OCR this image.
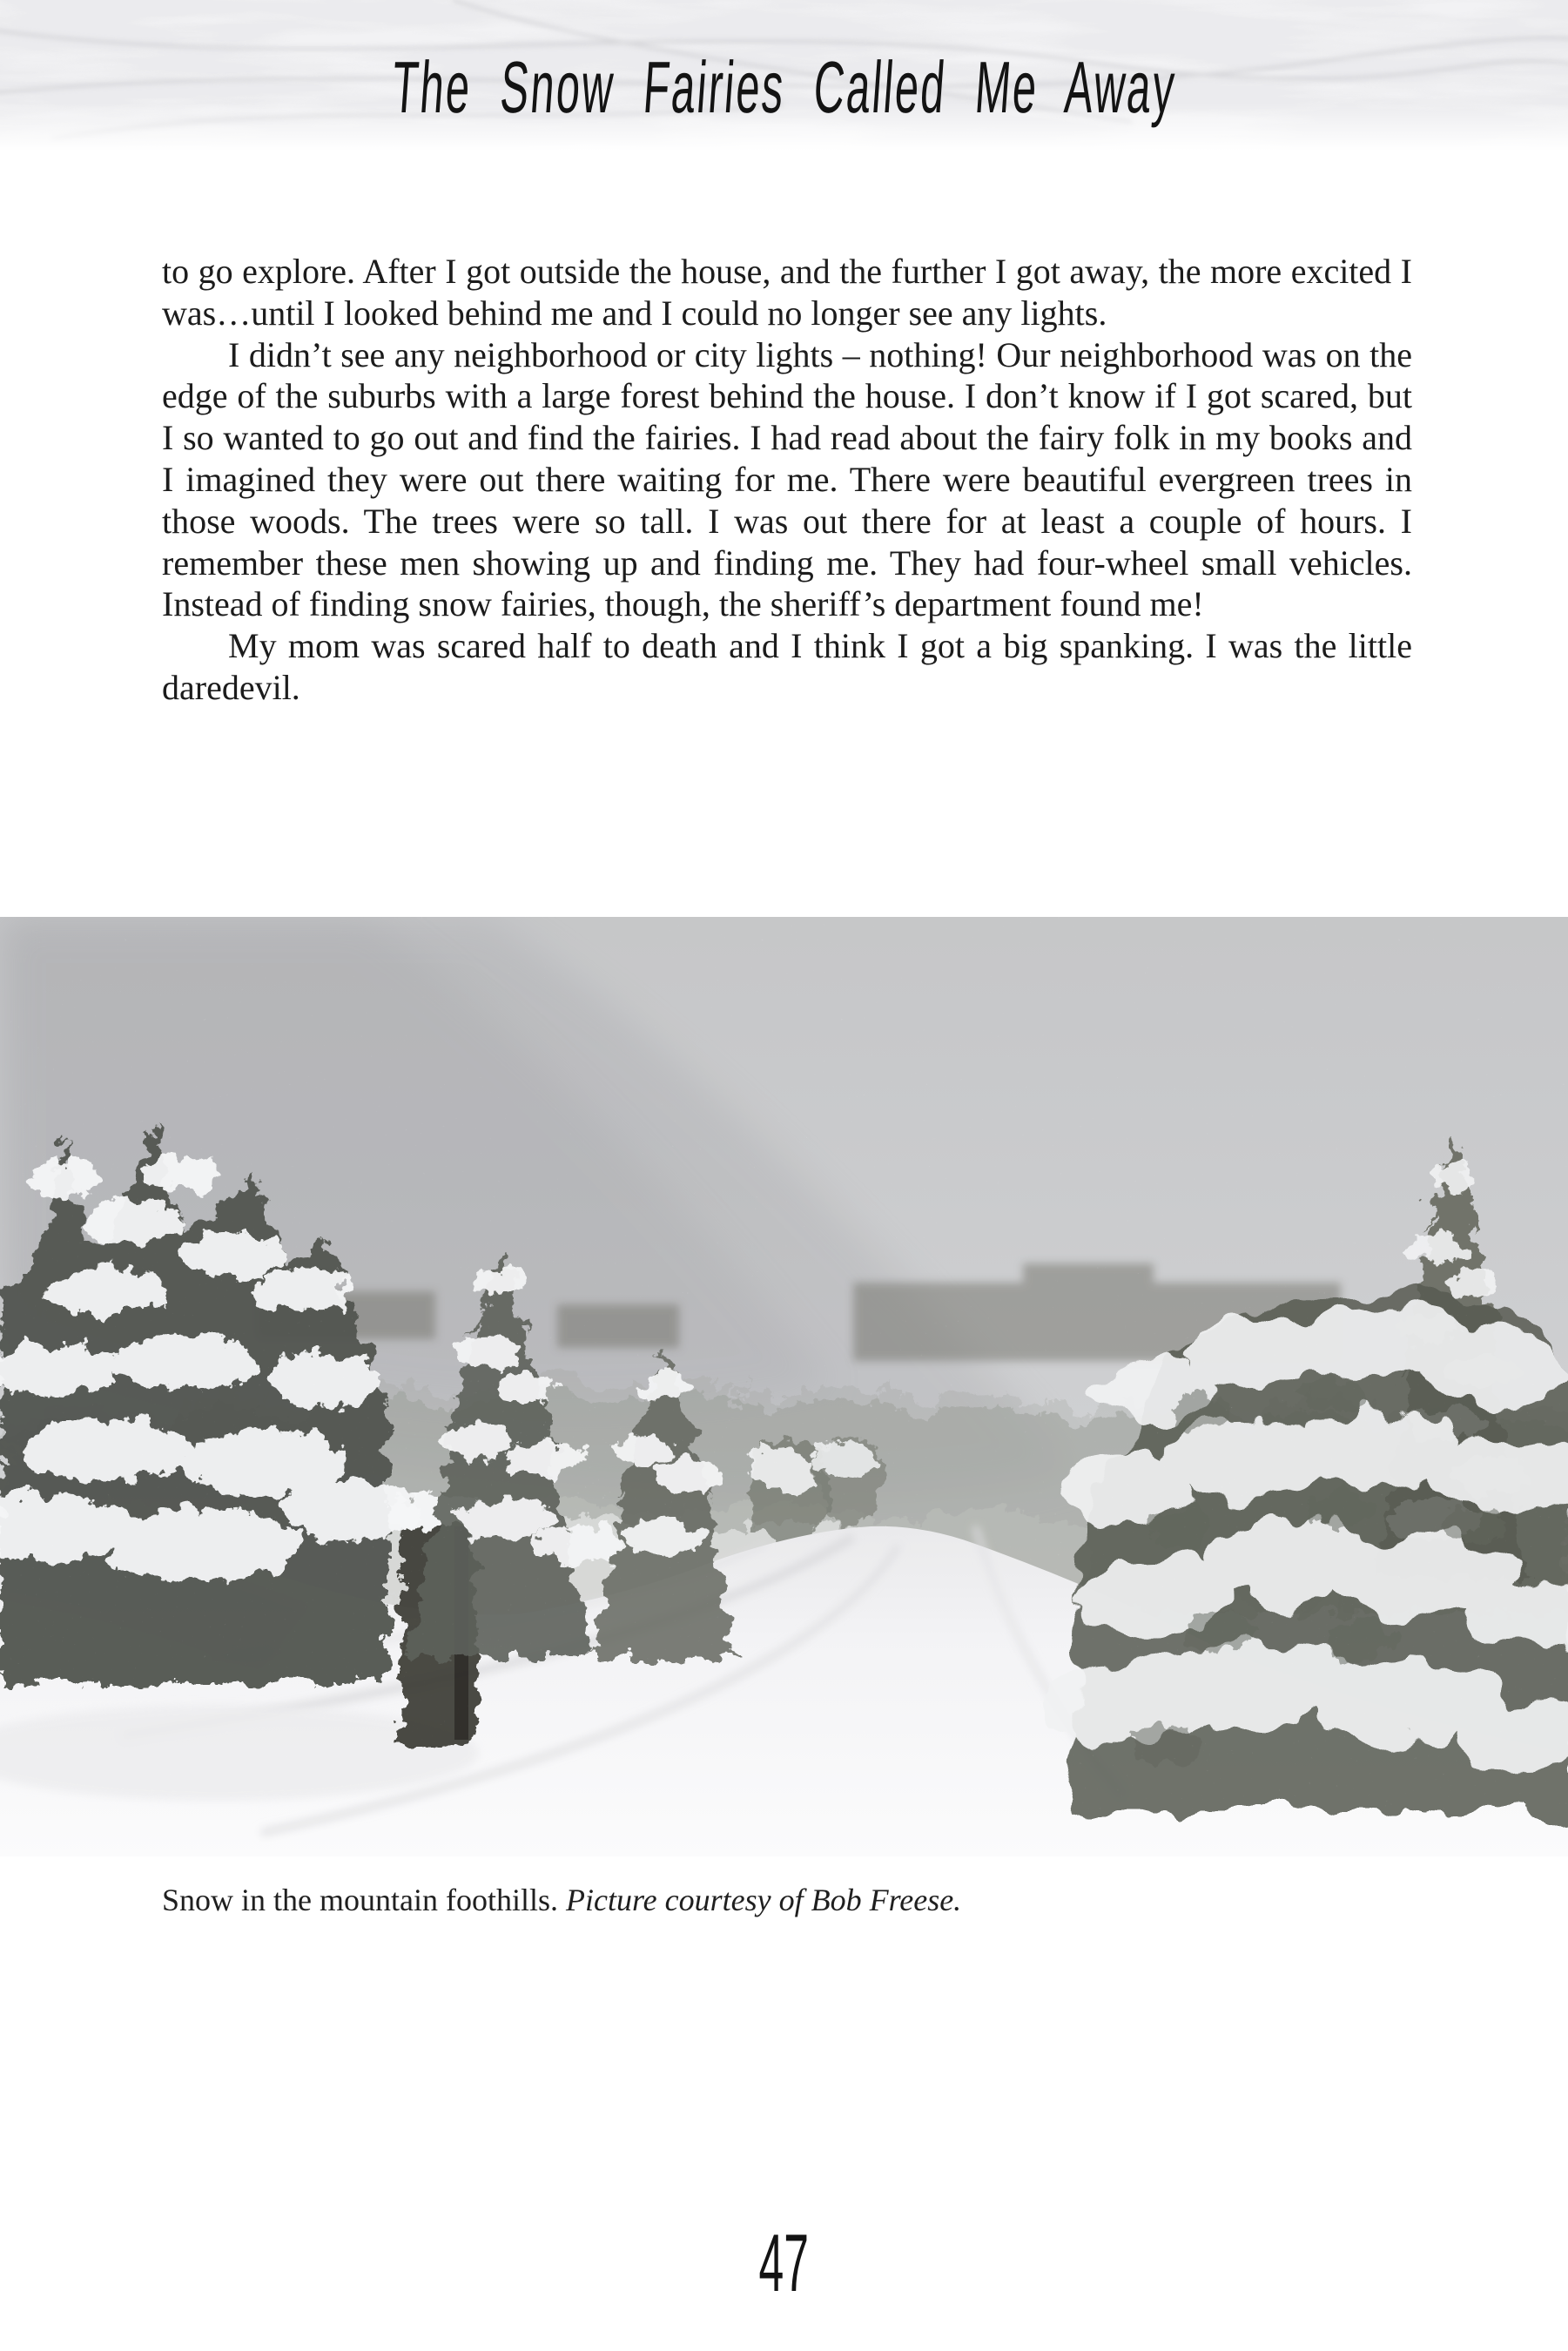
The Snow Fairies Called Me Away

to go explore. After I got outside the house, and the further I got away, the more excited I was…until I looked behind me and I could no longer see any lights.

I didn’t see any neighborhood or city lights – nothing! Our neighborhood was on the edge of the suburbs with a large forest behind the house. I don’t know if I got scared, but I so wanted to go out and find the fairies. I had read about the fairy folk in my books and I imagined they were out there waiting for me. There were beautiful evergreen trees in those woods. The trees were so tall. I was out there for at least a couple of hours. I remember these men showing up and finding me. They had four-wheel small vehicles. Instead of finding snow fairies, though, the sheriff’s department found me!

My mom was scared half to death and I think I got a big spanking. I was the little daredevil.

Snow in the mountain foothills. Picture courtesy of Bob Freese.
47
